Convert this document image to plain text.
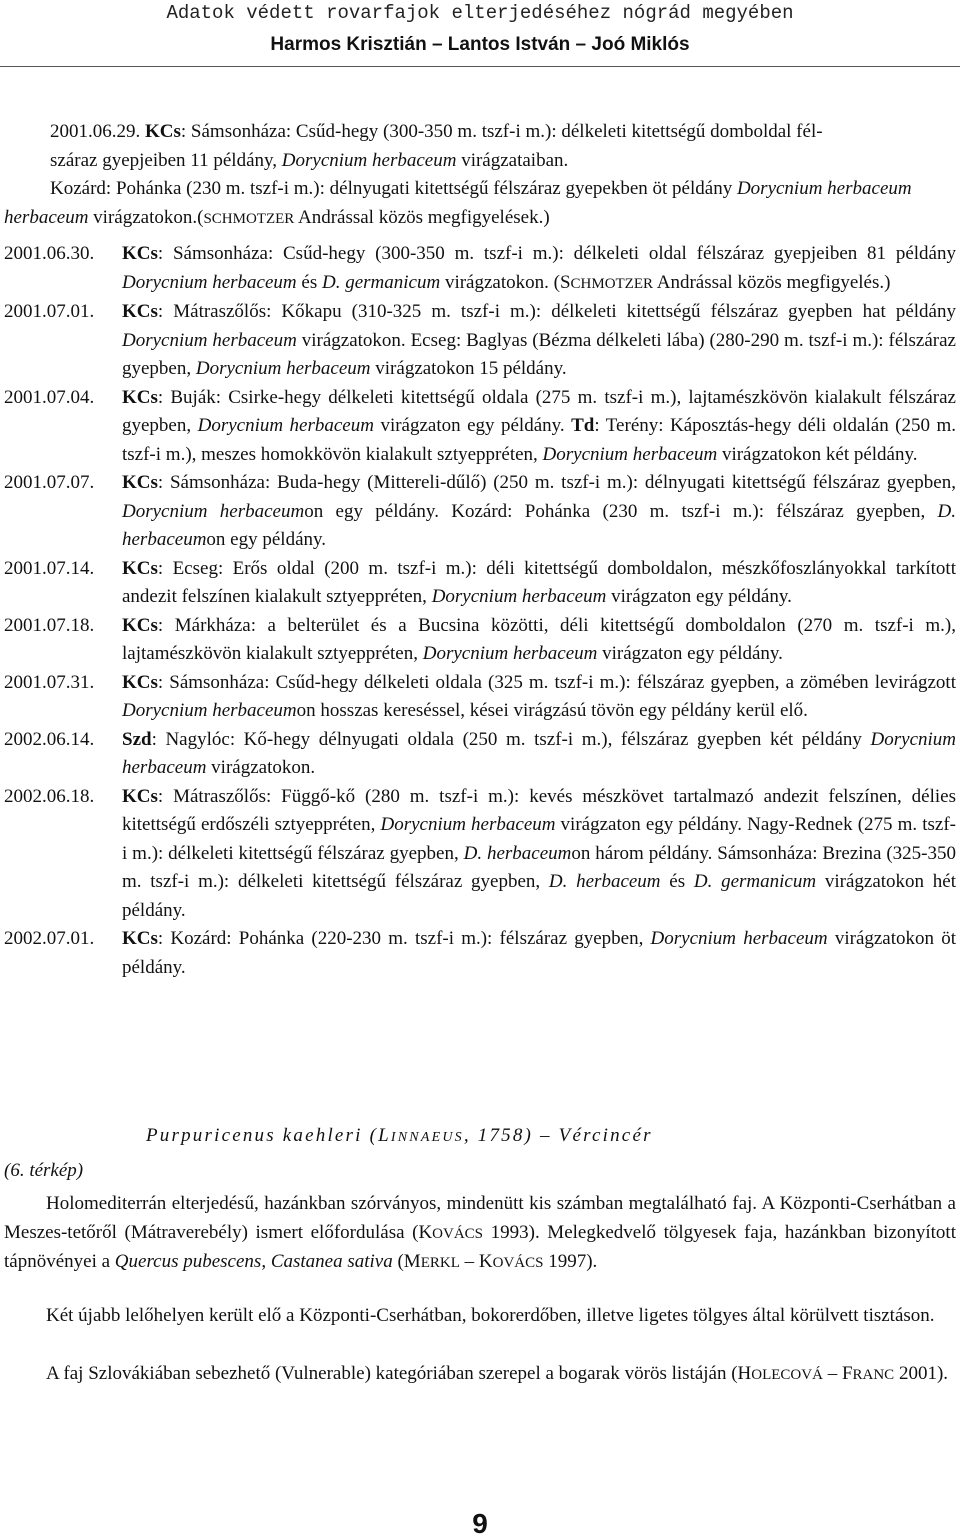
Adatok védett rovarfajok elterjedéséhez nógrád megyében
Harmos Krisztián – Lantos István – Joó Miklós
2001.06.29. KCs: Sámsonháza: Csűd-hegy (300-350 m. tszf-i m.): délkeleti kitettségű domboldal fél-
száraz gyepjeiben 11 példány, Dorycnium herbaceum virágzataiban.
Kozárd: Pohánka (230 m. tszf-i m.): délnyugati kitettségű félszáraz gyepekben öt példány Dorycnium herbaceum
herbaceum virágzatokon.(SCHMOTZER Andrással közös megfigyelések.)
2001.06.30.	KCs: Sámsonháza: Csűd-hegy (300-350 m. tszf-i m.): délkeleti oldal félszáraz gyepjeiben 81 példány Dorycnium herbaceum és D. germanicum virágzatokon. (SCHMOTZER Andrással közös megfigyelés.)
2001.07.01.	KCs: Mátraszőlős: Kőkapu (310-325 m. tszf-i m.): délkeleti kitettségű félszáraz gyepben hat példány Dorycnium herbaceum virágzatokon. Ecseg: Baglyas (Bézma délkeleti lába) (280-290 m. tszf-i m.): félszáraz gyepben, Dorycnium herbaceum virágzatokon 15 példány.
2001.07.04.	KCs: Buják: Csirke-hegy délkeleti kitettségű oldala (275 m. tszf-i m.), lajtamészkövön kialakult félszáraz gyepben, Dorycnium herbaceum virágzaton egy példány. Td: Terény: Káposztás-hegy déli oldalán (250 m. tszf-i m.), meszes homokkövön kialakult sztyeppréten, Dorycnium herbaceum virágzatokon két példány.
2001.07.07.	KCs: Sámsonháza: Buda-hegy (Mittereli-dűlő) (250 m. tszf-i m.): délnyugati kitettségű félszáraz gyepben, Dorycnium herbaceumon egy példány. Kozárd: Pohánka (230 m. tszf-i m.): félszáraz gyepben, D. herbaceumon egy példány.
2001.07.14.	KCs: Ecseg: Erős oldal (200 m. tszf-i m.): déli kitettségű domboldalon, mészkőfoszlányokkal tarkított andezit felszínen kialakult sztyeppréten, Dorycnium herbaceum virágzaton egy példány.
2001.07.18.	KCs: Márkháza: a belterület és a Bucsina közötti, déli kitettségű domboldalon (270 m. tszf-i m.), lajtamészkövön kialakult sztyeppréten, Dorycnium herbaceum virágzaton egy példány.
2001.07.31.	KCs: Sámsonháza: Csűd-hegy délkeleti oldala (325 m. tszf-i m.): félszáraz gyepben, a zömében levirágzott Dorycnium herbaceumon hosszas kereséssel, kései virágzású tövön egy példány kerül elő.
2002.06.14.	Szd: Nagylóc: Kő-hegy délnyugati oldala (250 m. tszf-i m.), félszáraz gyepben két példány Dorycnium herbaceum virágzatokon.
2002.06.18.	KCs: Mátraszőlős: Függő-kő (280 m. tszf-i m.): kevés mészkövet tartalmazó andezit felszínen, délies kitettségű erdőszéli sztyeppréten, Dorycnium herbaceum virágzaton egy példány. Nagy-Rednek (275 m. tszf-i m.): délkeleti kitettségű félszáraz gyepben, D. herbaceumon három példány. Sámsonháza: Brezina (325-350 m. tszf-i m.): délkeleti kitettségű félszáraz gyepben, D. herbaceum és D. germanicum virágzatokon hét példány.
2002.07.01.	KCs: Kozárd: Pohánka (220-230 m. tszf-i m.): félszáraz gyepben, Dorycnium herbaceum virágzatokon öt példány.
Purpuricenus kaehleri (LINNAEUS, 1758) – Vércincér
(6. térkép)
Holomediterrán elterjedésű, hazánkban szórványos, mindenütt kis számban megtalálható faj. A Központi-Cserhátban a Meszes-tetőről (Mátraverebély) ismert előfordulása (KOVÁCS 1993). Melegkedvelő tölgyesek faja, hazánkban bizonyított tápnövényei a Quercus pubescens, Castanea sativa (MERKL – KOVÁCS 1997).
Két újabb lelőhelyen került elő a Központi-Cserhátban, bokorerdőben, illetve ligetes tölgyes által körülvett tisztáson.
A faj Szlovákiában sebezhető (Vulnerable) kategóriában szerepel a bogarak vörös listáján (HOLECOVÁ – FRANC 2001).
9
